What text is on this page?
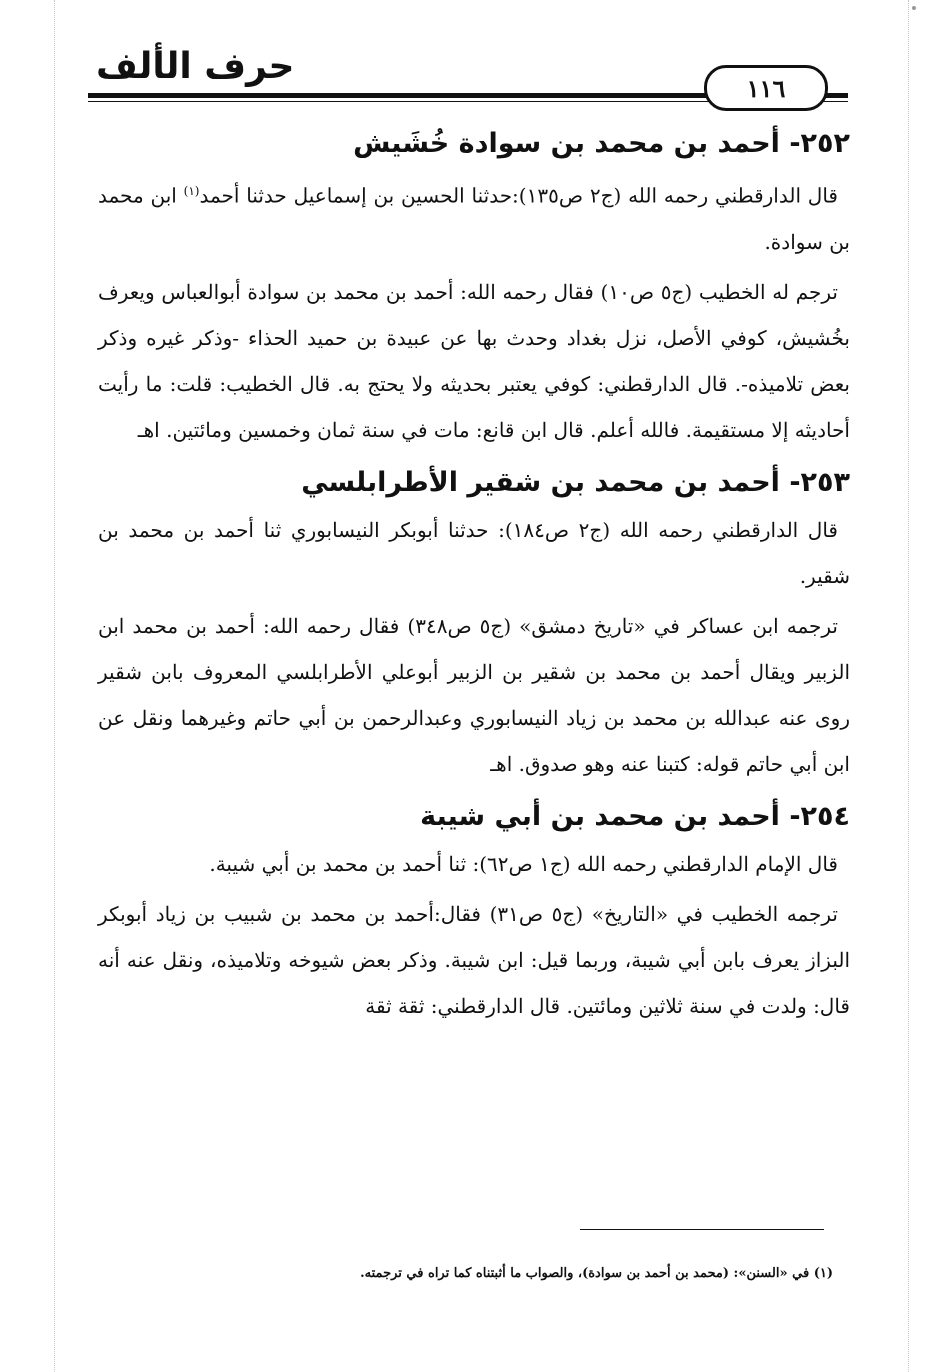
حرف الألف
١١٦
٢٥٢- أحمد بن محمد بن سوادة خُشَيش

قال الدارقطني رحمه الله (ج٢ ص١٣٥):حدثنا الحسين بن إسماعيل حدثنا أحمد$^{(١)}$ ابن محمد بن سوادة.

ترجم له الخطيب (ج٥ ص١٠) فقال رحمه الله: أحمد بن محمد بن سوادة أبوالعباس ويعرف بخُشيش، كوفي الأصل، نزل بغداد وحدث بها عن عبيدة بن حميد الحذاء -وذكر غيره وذكر بعض تلاميذه-. قال الدارقطني: كوفي يعتبر بحديثه ولا يحتج به. قال الخطيب: قلت: ما رأيت أحاديثه إلا مستقيمة. فالله أعلم. قال ابن قانع: مات في سنة ثمان وخمسين ومائتين. اهـ

٢٥٣- أحمد بن محمد بن شقير الأطرابلسي

قال الدارقطني رحمه الله (ج٢ ص١٨٤): حدثنا أبوبكر النيسابوري ثنا أحمد بن محمد بن شقير.

ترجمه ابن عساكر في «تاريخ دمشق» (ج٥ ص٣٤٨) فقال رحمه الله: أحمد بن محمد ابن الزبير ويقال أحمد بن محمد بن شقير بن الزبير أبوعلي الأطرابلسي المعروف بابن شقير روى عنه عبدالله بن محمد بن زياد النيسابوري وعبدالرحمن بن أبي حاتم وغيرهما ونقل عن ابن أبي حاتم قوله: كتبنا عنه وهو صدوق. اهـ

٢٥٤- أحمد بن محمد بن أبي شيبة

قال الإمام الدارقطني رحمه الله (ج١ ص٦٢): ثنا أحمد بن محمد بن أبي شيبة.

ترجمه الخطيب في «التاريخ» (ج٥ ص٣١) فقال:أحمد بن محمد بن شبيب بن زياد أبوبكر البزاز يعرف بابن أبي شيبة، وربما قيل: ابن شيبة. وذكر بعض شيوخه وتلاميذه، ونقل عنه أنه قال: ولدت في سنة ثلاثين ومائتين. قال الدارقطني: ثقة ثقة

(١) في «السنن»: (محمد بن أحمد بن سوادة)، والصواب ما أثبتناه كما تراه في ترجمته.
